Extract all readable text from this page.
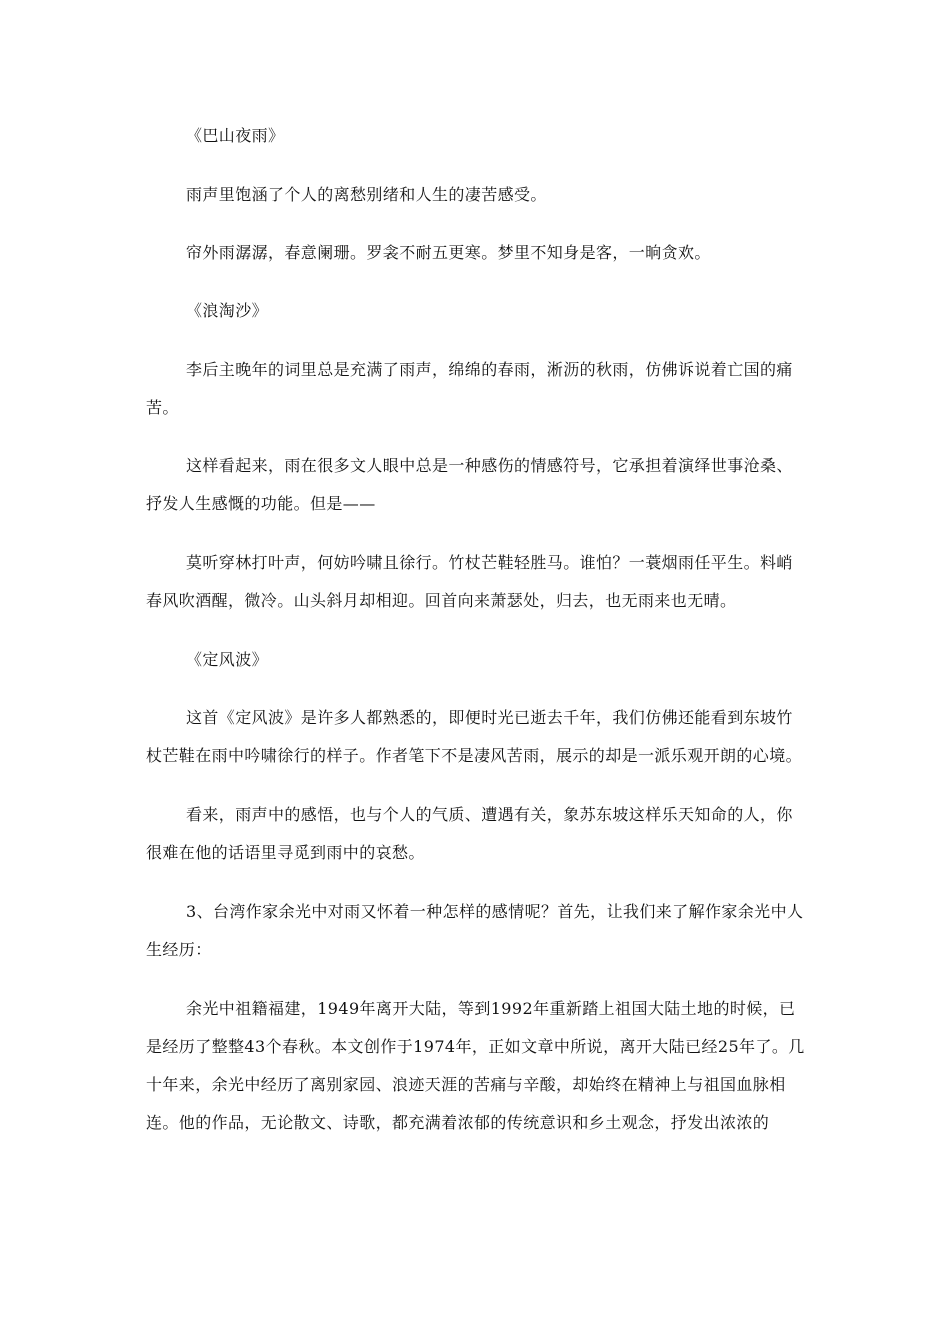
《巴山夜雨》

雨声里饱涵了个人的离愁别绪和人生的凄苦感受。

帘外雨潺潺，春意阑珊。罗衾不耐五更寒。梦里不知身是客，一晌贪欢。

《浪淘沙》

李后主晚年的词里总是充满了雨声，绵绵的春雨，淅沥的秋雨，仿佛诉说着亡国的痛苦。

这样看起来，雨在很多文人眼中总是一种感伤的情感符号，它承担着演绎世事沧桑、抒发人生感慨的功能。但是——

莫听穿林打叶声，何妨吟啸且徐行。竹杖芒鞋轻胜马。谁怕？一蓑烟雨任平生。料峭春风吹酒醒，微冷。山头斜月却相迎。回首向来萧瑟处，归去，也无雨来也无晴。

《定风波》

这首《定风波》是许多人都熟悉的，即便时光已逝去千年，我们仿佛还能看到东坡竹杖芒鞋在雨中吟啸徐行的样子。作者笔下不是凄风苦雨，展示的却是一派乐观开朗的心境。

看来，雨声中的感悟，也与个人的气质、遭遇有关，象苏东坡这样乐天知命的人，你很难在他的话语里寻觅到雨中的哀愁。

3、台湾作家余光中对雨又怀着一种怎样的感情呢？首先，让我们来了解作家余光中人生经历：

余光中祖籍福建，1949年离开大陆，等到1992年重新踏上祖国大陆土地的时候，已是经历了整整43个春秋。本文创作于1974年，正如文章中所说，离开大陆已经25年了。几十年来，余光中经历了离别家园、浪迹天涯的苦痛与辛酸，却始终在精神上与祖国血脉相连。他的作品，无论散文、诗歌，都充满着浓郁的传统意识和乡土观念，抒发出浓浓的
